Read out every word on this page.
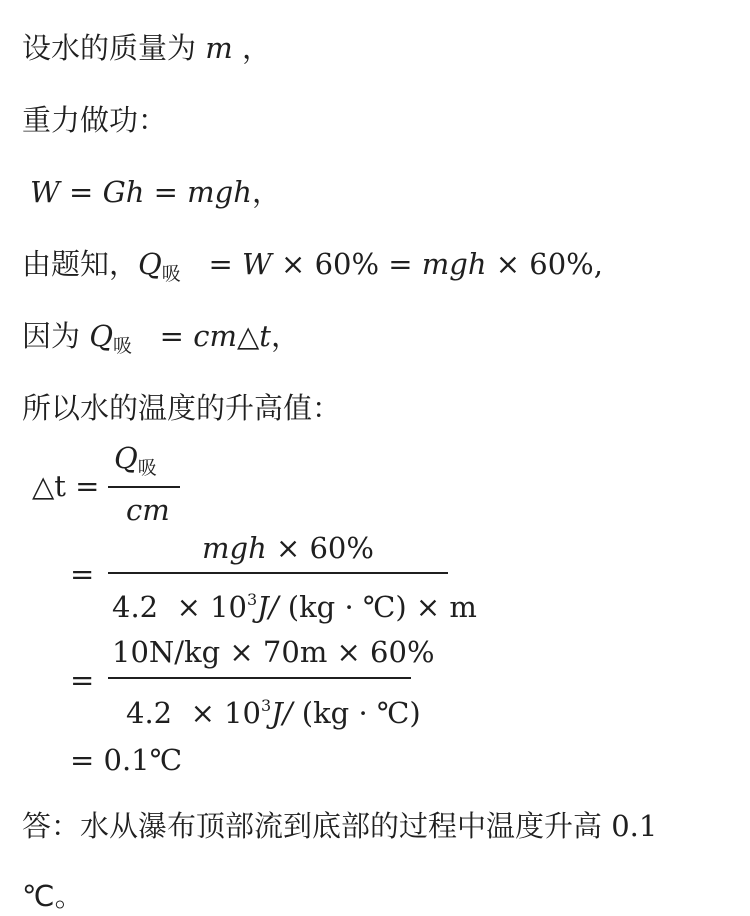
设水的质量为 m ，
重力做功：
W = Gh = mgh，
由题知，$Q_吸 = W \times 60\%$ = mgh × 60%,
因为 $Q_吸$   = cm△t，
所以水的温度的升高值：
△t =
$Q_吸$
cm
=
mgh × 60%
$4.2 \times 10^3J/$ (kg · ℃) × m
=
10N/kg × 70m × 60%
$4.2 \times 10^3J/$ (kg · ℃)
= 0.1℃
答：水从瀑布顶部流到底部的过程中温度升高 0.1
℃。
